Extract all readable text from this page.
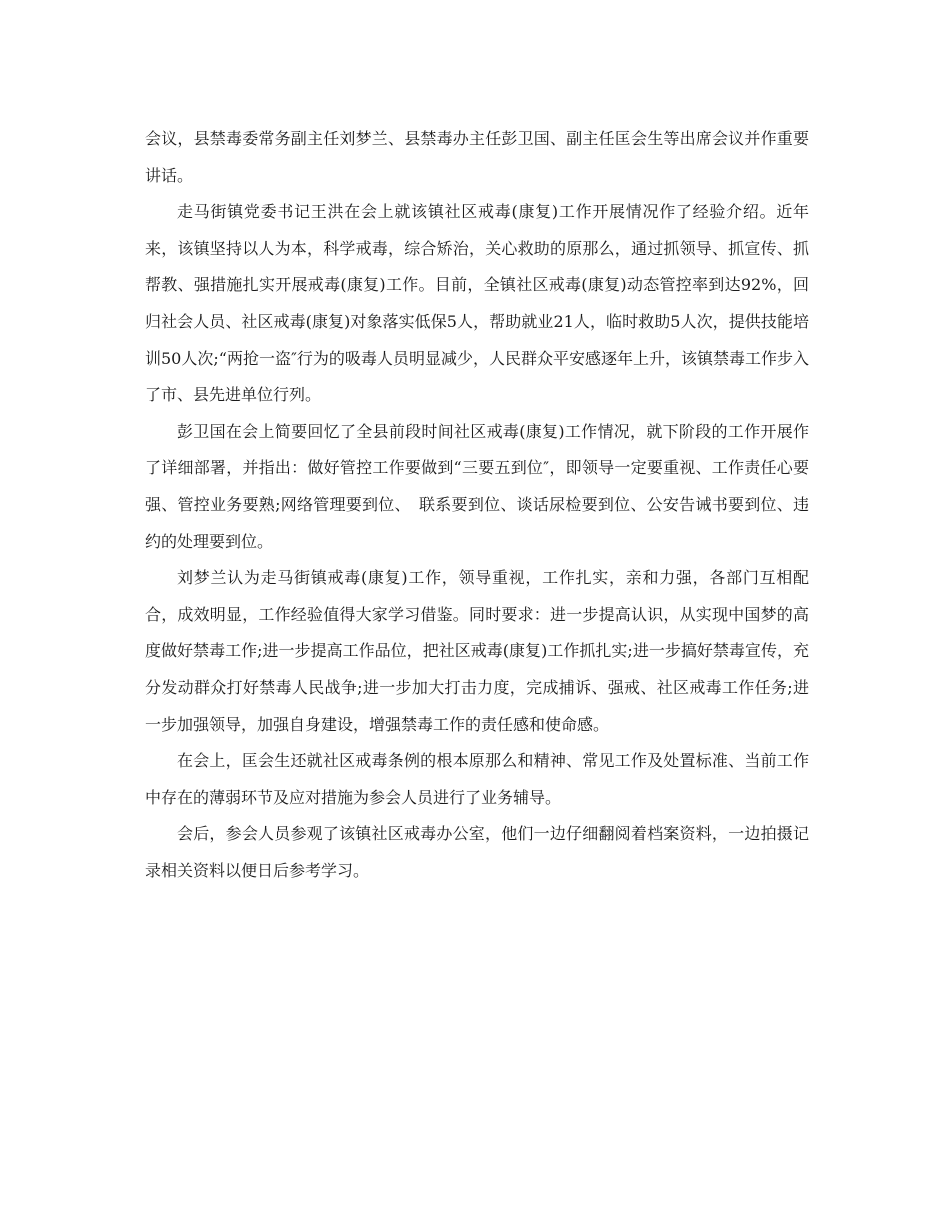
会议，县禁毒委常务副主任刘梦兰、县禁毒办主任彭卫国、副主任匡会生等出席会议并作重要讲话。

走马街镇党委书记王洪在会上就该镇社区戒毒(康复)工作开展情况作了经验介绍。近年来，该镇坚持以人为本，科学戒毒，综合矫治，关心救助的原那么，通过抓领导、抓宣传、抓帮教、强措施扎实开展戒毒(康复)工作。目前，全镇社区戒毒(康复)动态管控率到达92%，回归社会人员、社区戒毒(康复)对象落实低保5人，帮助就业21人，临时救助5人次，提供技能培训50人次;“两抢一盗″行为的吸毒人员明显减少，人民群众平安感逐年上升，该镇禁毒工作步入了市、县先进单位行列。

彭卫国在会上简要回忆了全县前段时间社区戒毒(康复)工作情况，就下阶段的工作开展作了详细部署，并指出：做好管控工作要做到“三要五到位″，即领导一定要重视、工作责任心要强、管控业务要熟;网络管理要到位、　联系要到位、谈话尿检要到位、公安告诫书要到位、违约的处理要到位。

刘梦兰认为走马街镇戒毒(康复)工作，领导重视，工作扎实，亲和力强，各部门互相配合，成效明显，工作经验值得大家学习借鉴。同时要求：进一步提高认识，从实现中国梦的高度做好禁毒工作;进一步提高工作品位，把社区戒毒(康复)工作抓扎实;进一步搞好禁毒宣传，充分发动群众打好禁毒人民战争;进一步加大打击力度，完成捕诉、强戒、社区戒毒工作任务;进一步加强领导，加强自身建设，增强禁毒工作的责任感和使命感。

在会上，匡会生还就社区戒毒条例的根本原那么和精神、常见工作及处置标准、当前工作中存在的薄弱环节及应对措施为参会人员进行了业务辅导。

会后，参会人员参观了该镇社区戒毒办公室，他们一边仔细翻阅着档案资料，一边拍摄记录相关资料以便日后参考学习。
